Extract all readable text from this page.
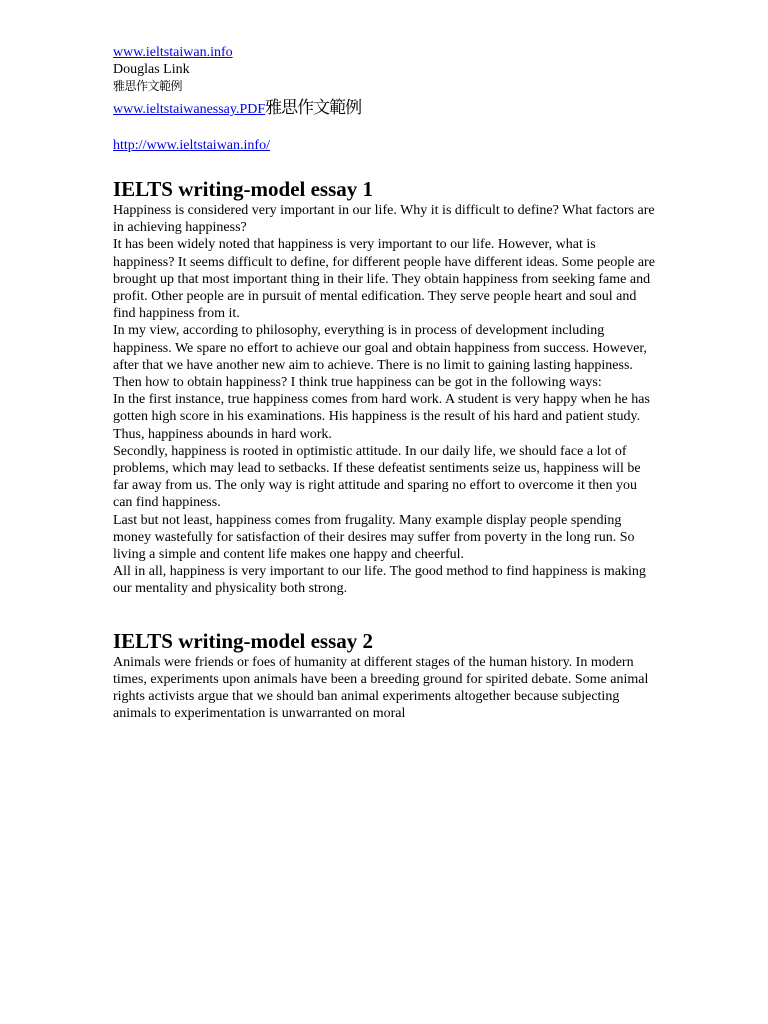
www.ieltstaiwan.info
Douglas Link
雅思作文範例
www.ieltstaiwanessay.PDF雅思作文範例
http://www.ieltstaiwan.info/
IELTS writing-model essay 1

Happiness is considered very important in our life. Why it is difficult to define? What factors are in achieving happiness?

It has been widely noted that happiness is very important to our life. However, what is happiness? It seems difficult to define, for different people have different ideas. Some people are brought up that most important thing in their life. They obtain happiness from seeking fame and profit. Other people are in pursuit of mental edification. They serve people heart and soul and find happiness from it.

In my view, according to philosophy, everything is in process of development including happiness. We spare no effort to achieve our goal and obtain happiness from success. However, after that we have another new aim to achieve. There is no limit to gaining lasting happiness.

Then how to obtain happiness? I think true happiness can be got in the following ways:

In the first instance, true happiness comes from hard work. A student is very happy when he has gotten high score in his examinations. His happiness is the result of his hard and patient study. Thus, happiness abounds in hard work.

Secondly, happiness is rooted in optimistic attitude. In our daily life, we should face a lot of problems, which may lead to setbacks. If these defeatist sentiments seize us, happiness will be far away from us. The only way is right attitude and sparing no effort to overcome it then you can find happiness.

Last but not least, happiness comes from frugality. Many example display people spending money wastefully for satisfaction of their desires may suffer from poverty in the long run. So living a simple and content life makes one happy and cheerful.

All in all, happiness is very important to our life. The good method to find happiness is making our mentality and physicality both strong.

IELTS writing-model essay 2

Animals were friends or foes of humanity at different stages of the human history. In modern times, experiments upon animals have been a breeding ground for spirited debate. Some animal rights activists argue that we should ban animal experiments altogether because subjecting animals to experimentation is unwarranted on moral
